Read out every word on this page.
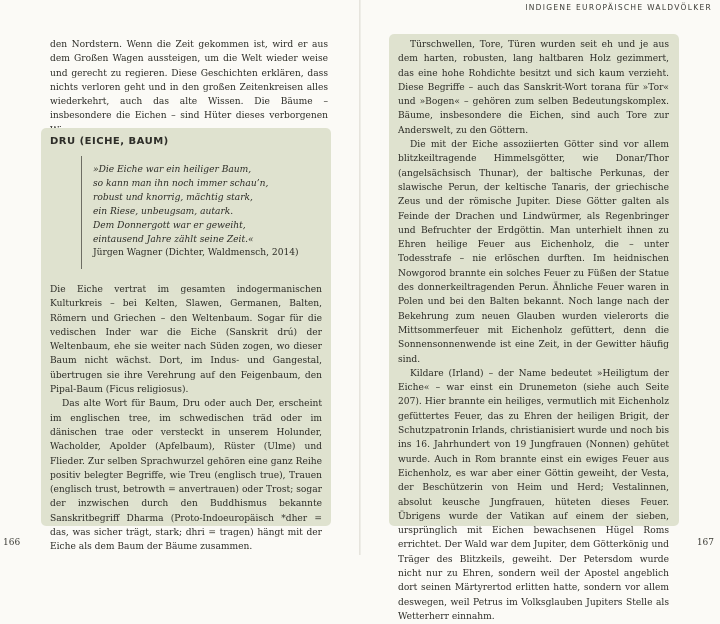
INDIGENE EUROPÄISCHE WALDVÖLKER

den Nordstern. Wenn die Zeit gekommen ist, wird er aus dem Großen Wagen aussteigen, um die Welt wieder weise und gerecht zu regieren. Diese Geschichten erklären, dass nichts verloren geht und in den großen Zeitenkreisen alles wiederkehrt, auch das alte Wissen. Die Bäume – insbesondere die Eichen – sind Hüter dieses verborgenen

DRU (EICHE, BAUM)
»Die Eiche war ein heiliger Baum,
so kann man ihn noch immer schau’n,
robust und knorrig, mächtig stark,
ein Riese, unbeugsam, autark.
Dem Donnergott war er geweiht,
eintausend Jahre zählt seine Zeit.«
Jürgen Wagner (Dichter, Waldmensch, 2014)

Die Eiche vertrat im gesamten indogermanischen Kulturkreis – bei Kelten, Slawen, Germanen, Balten, Römern und Griechen – den Weltenbaum. Sogar für die vedischen Inder war die Eiche (Sanskrit drú) der Weltenbaum, ehe sie weiter nach Süden zogen, wo dieser Baum nicht wächst. Dort, im Indus- und Gangestal, übertrugen sie ihre Verehrung auf den Feigenbaum, den Pipal-Baum (Ficus religiosus).

Das alte Wort für Baum, Dru oder auch Der, erscheint im englischen tree, im schwedischen träd oder im dänischen trae oder versteckt in unserem Holunder, Wacholder, Apolder (Apfelbaum), Rüster (Ulme) und Flieder. Zur selben Sprachwurzel gehören eine ganz Reihe positiv belegter Begriffe, wie Treu (englisch true), Trauen (englisch trust, betrowth = anvertrauen) oder Trost; sogar der inzwischen durch den Buddhismus bekannte Sanskritbegriff Dharma (Proto-Indoeuropäisch *dher = das, was sicher trägt, stark; dhri = tragen) hängt mit der Eiche als dem Baum der Bäume zusammen.

166

Türschwellen, Tore, Türen wurden seit eh und je aus dem harten, robusten, lang haltbaren Holz gezimmert, das eine hohe Rohdichte besitzt und sich kaum verzieht. Diese Begriffe – auch das Sanskrit-Wort torana für »Tor« und »Bogen« – gehören zum selben Bedeutungskomplex. Bäume, insbesondere die Eichen, sind auch Tore zur Anderswelt, zu den Göttern.

Die mit der Eiche assoziierten Götter sind vor allem blitzkeiltragende Himmelsgötter, wie Donar/Thor (angelsächsisch Thunar), der baltische Perkunas, der slawische Perun, der keltische Tanaris, der griechische Zeus und der römische Jupiter. Diese Götter galten als Feinde der Drachen und Lindwürmer, als Regenbringer und Befruchter der Erdgöttin. Man unterhielt ihnen zu Ehren heilige Feuer aus Eichenholz, die – unter Todesstrafe – nie erlöschen durften. Im heidnischen Nowgorod brannte ein solches Feuer zu Füßen der Statue des donnerkeiltragenden Perun. Ähnliche Feuer waren in Polen und bei den Balten bekannt. Noch lange nach der Bekehrung zum neuen Glauben wurden vielerorts die Mittsommerfeuer mit Eichenholz gefüttert, denn die Sonnensonnenwende ist eine Zeit, in der Gewitter häufig sind.

Kildare (Irland) – der Name bedeutet »Heiligtum der Eiche« – war einst ein Drunemeton (siehe auch Seite 207). Hier brannte ein heiliges, vermutlich mit Eichenholz gefüttertes Feuer, das zu Ehren der heiligen Brigit, der Schutzpatronin Irlands, christianisiert wurde und noch bis ins 16. Jahrhundert von 19 Jungfrauen (Nonnen) gehütet wurde. Auch in Rom brannte einst ein ewiges Feuer aus Eichenholz, es war aber einer Göttin geweiht, der Vesta, der Beschützerin von Heim und Herd; Vestalinnen, absolut keusche Jungfrauen, hüteten dieses Feuer. Übrigens wurde der Vatikan auf einem der sieben, ursprünglich mit Eichen bewachsenen Hügel Roms errichtet. Der Wald war dem Jupiter, dem Götterkönig und Träger des Blitzkeils, geweiht. Der Petersdom wurde nicht nur zu Ehren, sondern weil der Apostel angeblich dort seinen Märtyrertod erlitten hatte, sondern vor allem deswegen, weil Petrus im Volksglauben Jupiters Stelle als Wetterherr einnahm.

167
